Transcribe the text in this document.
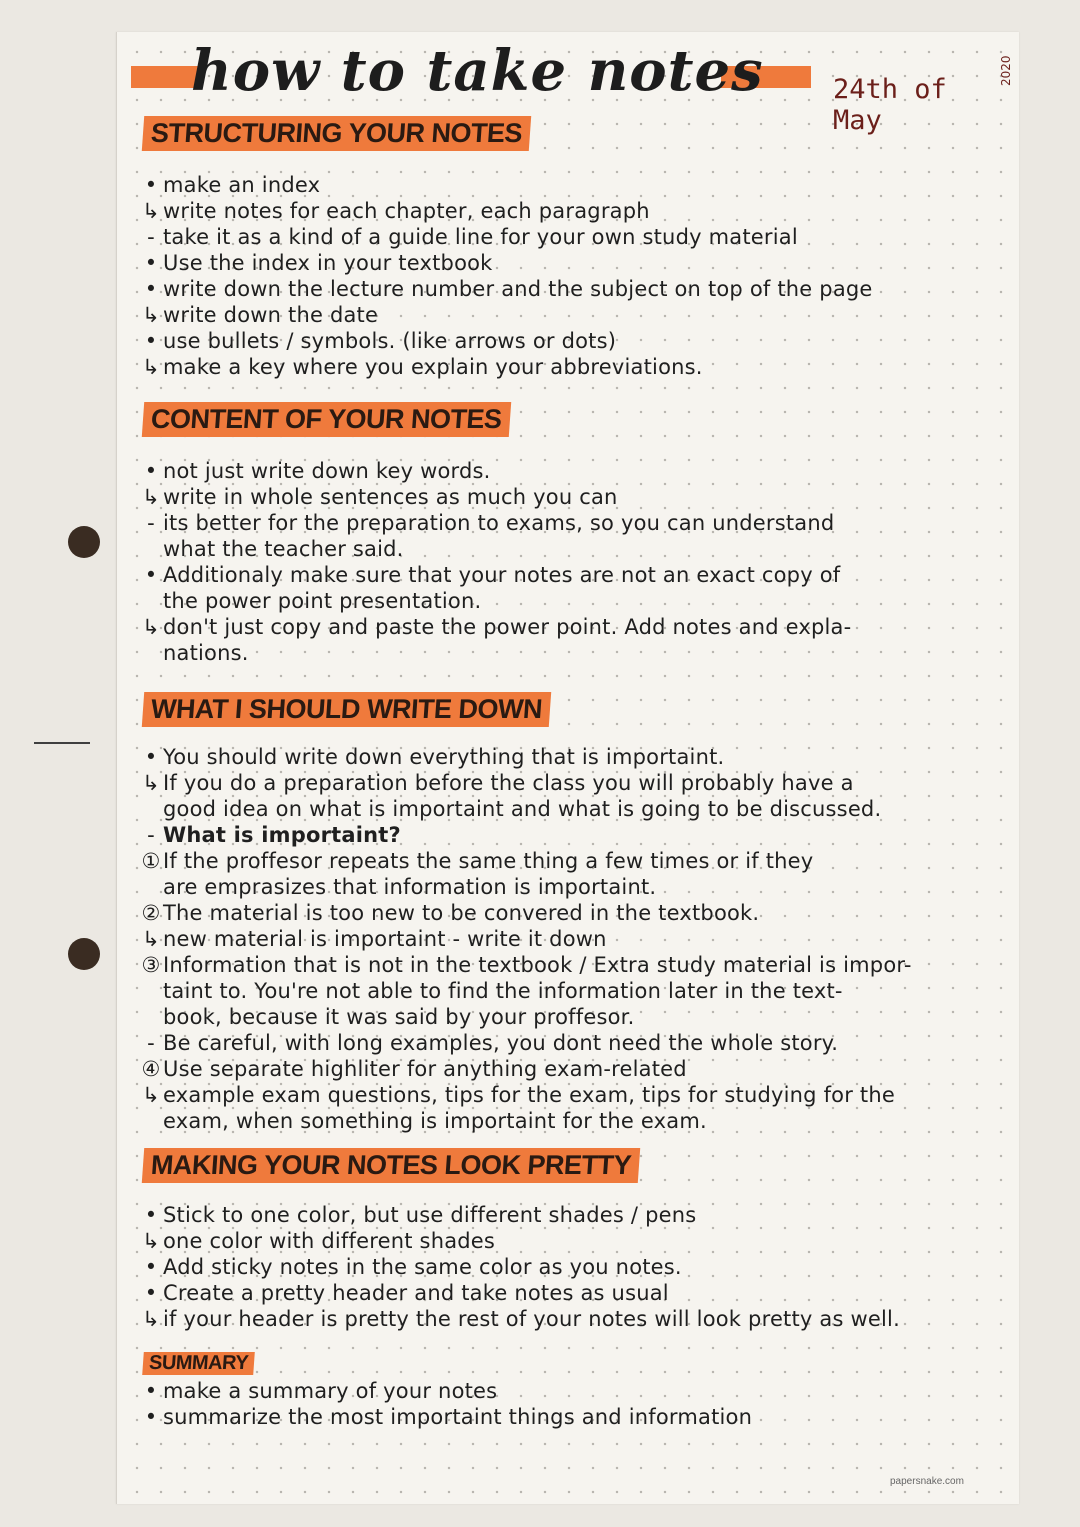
how to take notes	24th of May
2020
STRUCTURING YOUR NOTES
• make an index
↳ write notes for each chapter, each paragraph
- take it as a kind of a guide line for your own study material
• Use the index in your textbook
• write down the lecture number and the subject on top of the page
↳ write down the date
• use bullets / symbols. (like arrows or dots)
↳ make a key where you explain your abbreviations.
CONTENT OF YOUR NOTES
• not just write down key words.
↳ write in whole sentences as much you can
- its better for the preparation to exams, so you can understand
what the teacher said.
• Additionaly make sure that your notes are not an exact copy of
the power point presentation.
↳ don't just copy and paste the power point. Add notes and expla-
nations.
WHAT I SHOULD WRITE DOWN
• You should write down everything that is importaint.
↳ If you do a preparation before the class you will probably have a
good idea on what is importaint and what is going to be discussed.
- What is importaint?
① If the proffesor repeats the same thing a few times or if they
are emprasizes that information is importaint.
② The material is too new to be convered in the textbook.
↳ new material is importaint - write it down
③ Information that is not in the textbook / Extra study material is impor-
taint to. You're not able to find the information later in the text-
book, because it was said by your proffesor.
- Be careful, with long examples, you dont need the whole story.
④ Use separate highliter for anything exam-related
↳ example exam questions, tips for the exam, tips for studying for the
exam, when something is importaint for the exam.
MAKING YOUR NOTES LOOK PRETTY
• Stick to one color, but use different shades / pens
↳ one color with different shades
• Add sticky notes in the same color as you notes.
• Create a pretty header and take notes as usual
↳ if your header is pretty the rest of your notes will look pretty as well.
SUMMARY
• make a summary of your notes
• summarize the most importaint things and information
papersnake.com
